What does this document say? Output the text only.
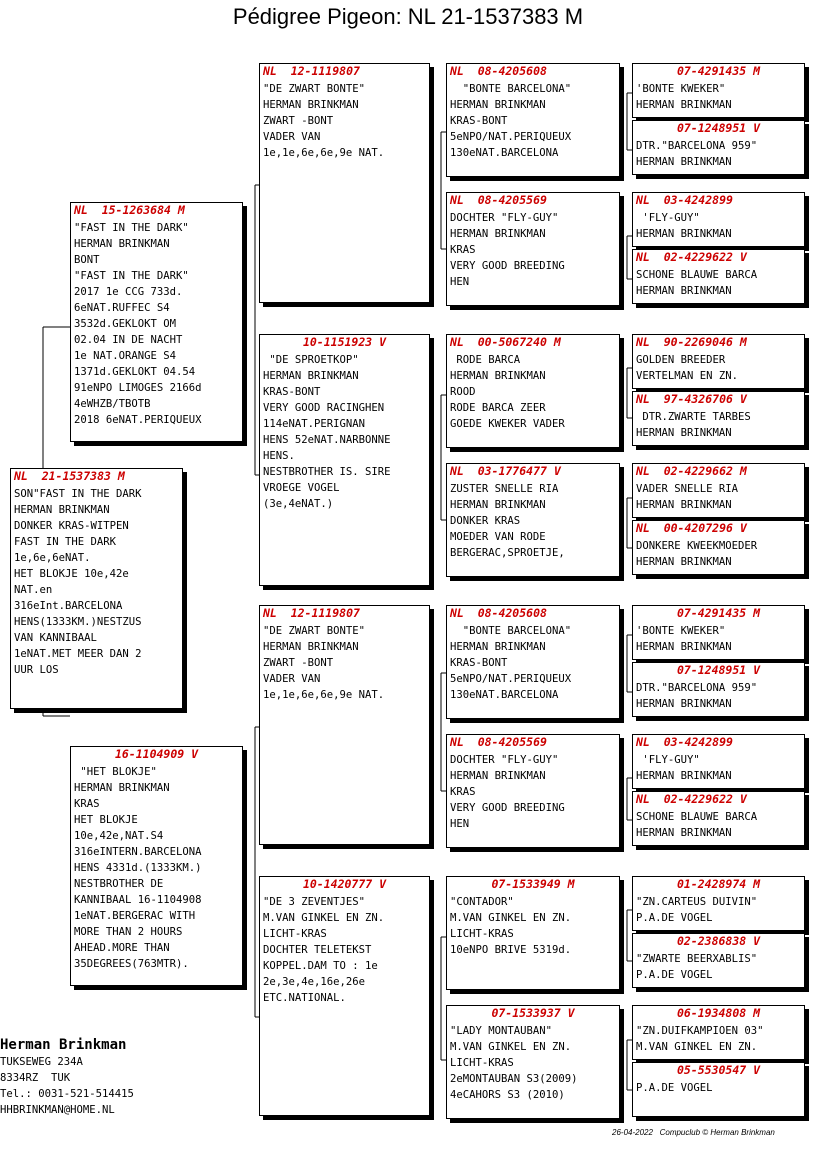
Pédigree Pigeon: NL 21-1537383 M
NL  21-1537383 M
SON"FAST IN THE DARK
HERMAN BRINKMAN
DONKER KRAS-WITPEN
FAST IN THE DARK
1e,6e,6eNAT.
HET BLOKJE 10e,42e
NAT.en
316eInt.BARCELONA
HENS(1333KM.)NESTZUS
VAN KANNIBAAL
1eNAT.MET MEER DAN 2
UUR LOS
NL  15-1263684 M
"FAST IN THE DARK"
HERMAN BRINKMAN
BONT
"FAST IN THE DARK"
2017 1e CCG 733d.
6eNAT.RUFFEC S4
3532d.GEKLOKT OM
02.04 IN DE NACHT
1e NAT.ORANGE S4
1371d.GEKLOKT 04.54
91eNPO LIMOGES 2166d
4eWHZB/TBOTB
2018 6eNAT.PERIQUEUX
16-1104909 V
"HET BLOKJE"
HERMAN BRINKMAN
KRAS
HET BLOKJE
10e,42e,NAT.S4
316eINTERN.BARCELONA
HENS 4331d.(1333KM.)
NESTBROTHER DE
KANNIBAAL 16-1104908
1eNAT.BERGERAC WITH
MORE THAN 2 HOURS
AHEAD.MORE THAN
35DEGREES(763MTR).
NL  12-1119807
"DE ZWART BONTE"
HERMAN BRINKMAN
ZWART -BONT
VADER VAN
1e,1e,6e,6e,9e NAT.
10-1151923 V
"DE SPROETKOP"
HERMAN BRINKMAN
KRAS-BONT
VERY GOOD RACINGHEN
114eNAT.PERIGNAN
HENS 52eNAT.NARBONNE
HENS.
NESTBROTHER IS. SIRE
VROEGE VOGEL
(3e,4eNAT.)
NL  12-1119807
"DE ZWART BONTE"
HERMAN BRINKMAN
ZWART -BONT
VADER VAN
1e,1e,6e,6e,9e NAT.
10-1420777 V
"DE 3 ZEVENTJES"
M.VAN GINKEL EN ZN.
LICHT-KRAS
DOCHTER TELETEKST
KOPPEL.DAM TO : 1e
2e,3e,4e,16e,26e
ETC.NATIONAL.
NL  08-4205608
"BONTE BARCELONA"
HERMAN BRINKMAN
KRAS-BONT
5eNPO/NAT.PERIQUEUX
130eNAT.BARCELONA
NL  08-4205569
DOCHTER "FLY-GUY"
HERMAN BRINKMAN
KRAS
VERY GOOD BREEDING
HEN
NL  00-5067240 M
RODE BARCA
HERMAN BRINKMAN
ROOD
RODE BARCA ZEER
GOEDE KWEKER VADER
NL  03-1776477 V
ZUSTER SNELLE RIA
HERMAN BRINKMAN
DONKER KRAS
MOEDER VAN RODE
BERGERAC,SPROETJE,
NL  08-4205608
"BONTE BARCELONA"
HERMAN BRINKMAN
KRAS-BONT
5eNPO/NAT.PERIQUEUX
130eNAT.BARCELONA
NL  08-4205569
DOCHTER "FLY-GUY"
HERMAN BRINKMAN
KRAS
VERY GOOD BREEDING
HEN
07-1533949 M
"CONTADOR"
M.VAN GINKEL EN ZN.
LICHT-KRAS
10eNPO BRIVE 5319d.
07-1533937 V
"LADY MONTAUBAN"
M.VAN GINKEL EN ZN.
LICHT-KRAS
2eMONTAUBAN S3(2009)
4eCAHORS S3 (2010)
07-4291435 M
'BONTE KWEKER"
HERMAN BRINKMAN
07-1248951 V
DTR."BARCELONA 959"
HERMAN BRINKMAN
NL  03-4242899
'FLY-GUY"
HERMAN BRINKMAN
NL  02-4229622 V
SCHONE BLAUWE BARCA
HERMAN BRINKMAN
NL  90-2269046 M
GOLDEN BREEDER
VERTELMAN EN ZN.
NL  97-4326706 V
DTR.ZWARTE TARBES
HERMAN BRINKMAN
NL  02-4229662 M
VADER SNELLE RIA
HERMAN BRINKMAN
NL  00-4207296 V
DONKERE KWEEKMOEDER
HERMAN BRINKMAN
07-4291435 M
'BONTE KWEKER"
HERMAN BRINKMAN
07-1248951 V
DTR."BARCELONA 959"
HERMAN BRINKMAN
NL  03-4242899
'FLY-GUY"
HERMAN BRINKMAN
NL  02-4229622 V
SCHONE BLAUWE BARCA
HERMAN BRINKMAN
01-2428974 M
"ZN.CARTEUS DUIVIN"
P.A.DE VOGEL
02-2386838 V
"ZWARTE BEERXABLIS"
P.A.DE VOGEL
06-1934808 M
"ZN.DUIFKAMPIOEN 03"
M.VAN GINKEL EN ZN.
05-5530547 V
P.A.DE VOGEL
Herman Brinkman
TUKSEWEG 234A
8334RZ  TUK
Tel.: 0031-521-514415
HHBRINKMAN@HOME.NL
26-04-2022   Compuclub © Herman Brinkman
